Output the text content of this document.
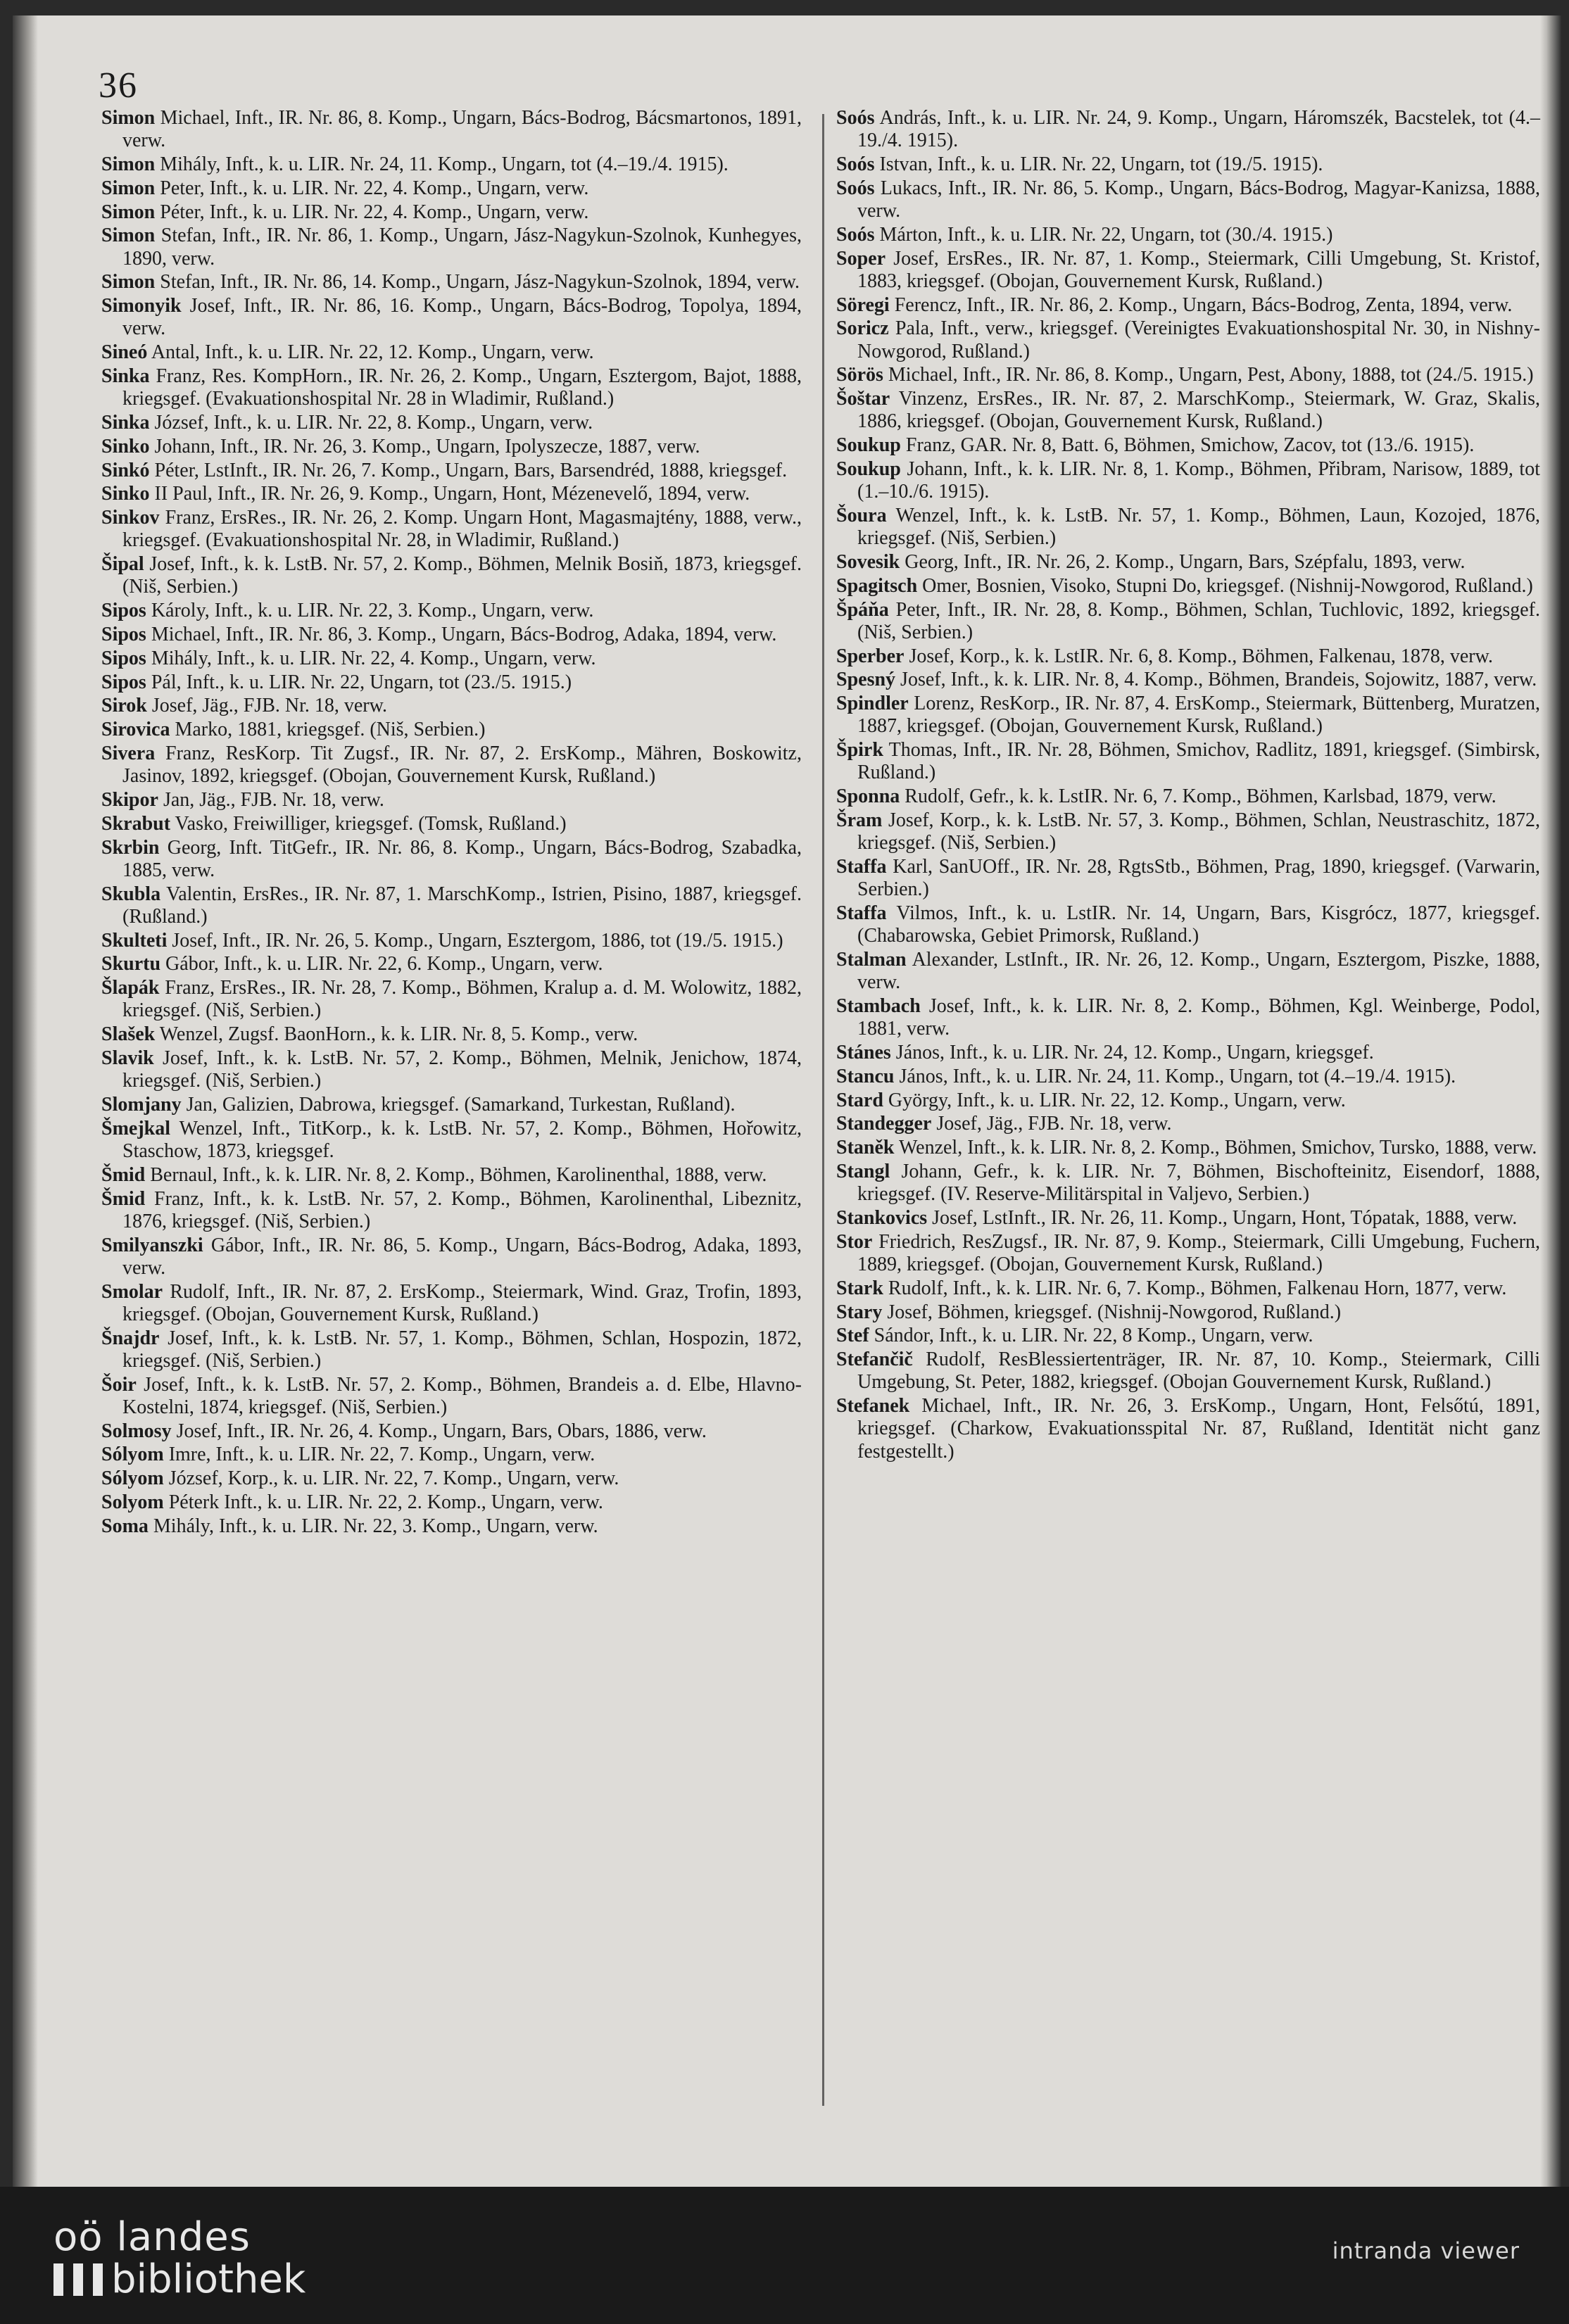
36

Simon Michael, Inft., IR. Nr. 86, 8. Komp., Ungarn, Bács-Bodrog, Bácsmartonos, 1891, verw.

Simon Mihály, Inft., k. u. LIR. Nr. 24, 11. Komp., Ungarn, tot (4.–19./4. 1915).

Simon Peter, Inft., k. u. LIR. Nr. 22, 4. Komp., Ungarn, verw.

Simon Péter, Inft., k. u. LIR. Nr. 22, 4. Komp., Ungarn, verw.

Simon Stefan, Inft., IR. Nr. 86, 1. Komp., Ungarn, Jász-Nagykun-Szolnok, Kunhegyes, 1890, verw.

Simon Stefan, Inft., IR. Nr. 86, 14. Komp., Ungarn, Jász-Nagykun-Szolnok, 1894, verw.

Simonyik Josef, Inft., IR. Nr. 86, 16. Komp., Ungarn, Bács-Bodrog, Topolya, 1894, verw.

Sineó Antal, Inft., k. u. LIR. Nr. 22, 12. Komp., Ungarn, verw.

Sinka Franz, Res. KompHorn., IR. Nr. 26, 2. Komp., Ungarn, Esztergom, Bajot, 1888, kriegsgef. (Evakuationshospital Nr. 28 in Wladimir, Rußland.)

Sinka József, Inft., k. u. LIR. Nr. 22, 8. Komp., Ungarn, verw.

Sinko Johann, Inft., IR. Nr. 26, 3. Komp., Ungarn, Ipolyszecze, 1887, verw.

Sinkó Péter, LstInft., IR. Nr. 26, 7. Komp., Ungarn, Bars, Barsendréd, 1888, kriegsgef.

Sinko II Paul, Inft., IR. Nr. 26, 9. Komp., Ungarn, Hont, Mézenevelő, 1894, verw.

Sinkov Franz, ErsRes., IR. Nr. 26, 2. Komp. Ungarn Hont, Magasmajtény, 1888, verw., kriegsgef. (Evakuationshospital Nr. 28, in Wladimir, Rußland.)

Šipal Josef, Inft., k. k. LstB. Nr. 57, 2. Komp., Böhmen, Melnik Bosiň, 1873, kriegsgef. (Niš, Serbien.)

Sipos Károly, Inft., k. u. LIR. Nr. 22, 3. Komp., Ungarn, verw.

Sipos Michael, Inft., IR. Nr. 86, 3. Komp., Ungarn, Bács-Bodrog, Adaka, 1894, verw.

Sipos Mihály, Inft., k. u. LIR. Nr. 22, 4. Komp., Ungarn, verw.

Sipos Pál, Inft., k. u. LIR. Nr. 22, Ungarn, tot (23./5. 1915.)

Sirok Josef, Jäg., FJB. Nr. 18, verw.

Sirovica Marko, 1881, kriegsgef. (Niš, Serbien.)

Sivera Franz, ResKorp. Tit Zugsf., IR. Nr. 87, 2. ErsKomp., Mähren, Boskowitz, Jasinov, 1892, kriegsgef. (Obojan, Gouvernement Kursk, Rußland.)

Skipor Jan, Jäg., FJB. Nr. 18, verw.

Skrabut Vasko, Freiwilliger, kriegsgef. (Tomsk, Rußland.)

Skrbin Georg, Inft. TitGefr., IR. Nr. 86, 8. Komp., Ungarn, Bács-Bodrog, Szabadka, 1885, verw.

Skubla Valentin, ErsRes., IR. Nr. 87, 1. MarschKomp., Istrien, Pisino, 1887, kriegsgef. (Rußland.)

Skulteti Josef, Inft., IR. Nr. 26, 5. Komp., Ungarn, Esztergom, 1886, tot (19./5. 1915.)

Skurtu Gábor, Inft., k. u. LIR. Nr. 22, 6. Komp., Ungarn, verw.

Šlapák Franz, ErsRes., IR. Nr. 28, 7. Komp., Böhmen, Kralup a. d. M. Wolowitz, 1882, kriegsgef. (Niš, Serbien.)

Slašek Wenzel, Zugsf. BaonHorn., k. k. LIR. Nr. 8, 5. Komp., verw.

Slavik Josef, Inft., k. k. LstB. Nr. 57, 2. Komp., Böhmen, Melnik, Jenichow, 1874, kriegsgef. (Niš, Serbien.)

Slomjany Jan, Galizien, Dabrowa, kriegsgef. (Samarkand, Turkestan, Rußland).

Šmejkal Wenzel, Inft., TitKorp., k. k. LstB. Nr. 57, 2. Komp., Böhmen, Hořowitz, Staschow, 1873, kriegsgef.

Šmid Bernaul, Inft., k. k. LIR. Nr. 8, 2. Komp., Böhmen, Karolinenthal, 1888, verw.

Šmid Franz, Inft., k. k. LstB. Nr. 57, 2. Komp., Böhmen, Karolinenthal, Libeznitz, 1876, kriegsgef. (Niš, Serbien.)

Smilyanszki Gábor, Inft., IR. Nr. 86, 5. Komp., Ungarn, Bács-Bodrog, Adaka, 1893, verw.

Smolar Rudolf, Inft., IR. Nr. 87, 2. ErsKomp., Steiermark, Wind. Graz, Trofin, 1893, kriegsgef. (Obojan, Gouvernement Kursk, Rußland.)

Šnajdr Josef, Inft., k. k. LstB. Nr. 57, 1. Komp., Böhmen, Schlan, Hospozin, 1872, kriegsgef. (Niš, Serbien.)

Šoir Josef, Inft., k. k. LstB. Nr. 57, 2. Komp., Böhmen, Brandeis a. d. Elbe, Hlavno-Kostelni, 1874, kriegsgef. (Niš, Serbien.)

Solmosy Josef, Inft., IR. Nr. 26, 4. Komp., Ungarn, Bars, Obars, 1886, verw.

Sólyom Imre, Inft., k. u. LIR. Nr. 22, 7. Komp., Ungarn, verw.

Sólyom József, Korp., k. u. LIR. Nr. 22, 7. Komp., Ungarn, verw.

Solyom Péterk Inft., k. u. LIR. Nr. 22, 2. Komp., Ungarn, verw.

Soma Mihály, Inft., k. u. LIR. Nr. 22, 3. Komp., Ungarn, verw.

Soós András, Inft., k. u. LIR. Nr. 24, 9. Komp., Ungarn, Háromszék, Bacstelek, tot (4.–19./4. 1915).

Soós Istvan, Inft., k. u. LIR. Nr. 22, Ungarn, tot (19./5. 1915).

Soós Lukacs, Inft., IR. Nr. 86, 5. Komp., Ungarn, Bács-Bodrog, Magyar-Kanizsa, 1888, verw.

Soós Márton, Inft., k. u. LIR. Nr. 22, Ungarn, tot (30./4. 1915.)

Soper Josef, ErsRes., IR. Nr. 87, 1. Komp., Steiermark, Cilli Umgebung, St. Kristof, 1883, kriegsgef. (Obojan, Gouvernement Kursk, Rußland.)

Söregi Ferencz, Inft., IR. Nr. 86, 2. Komp., Ungarn, Bács-Bodrog, Zenta, 1894, verw.

Soricz Pala, Inft., verw., kriegsgef. (Vereinigtes Evakuationshospital Nr. 30, in Nishny-Nowgorod, Rußland.)

Sörös Michael, Inft., IR. Nr. 86, 8. Komp., Ungarn, Pest, Abony, 1888, tot (24./5. 1915.)

Šoštar Vinzenz, ErsRes., IR. Nr. 87, 2. MarschKomp., Steiermark, W. Graz, Skalis, 1886, kriegsgef. (Obojan, Gouvernement Kursk, Rußland.)

Soukup Franz, GAR. Nr. 8, Batt. 6, Böhmen, Smichow, Zacov, tot (13./6. 1915).

Soukup Johann, Inft., k. k. LIR. Nr. 8, 1. Komp., Böhmen, Přibram, Narisow, 1889, tot (1.–10./6. 1915).

Šoura Wenzel, Inft., k. k. LstB. Nr. 57, 1. Komp., Böhmen, Laun, Kozojed, 1876, kriegsgef. (Niš, Serbien.)

Sovesik Georg, Inft., IR. Nr. 26, 2. Komp., Ungarn, Bars, Szépfalu, 1893, verw.

Spagitsch Omer, Bosnien, Visoko, Stupni Do, kriegsgef. (Nishnij-Nowgorod, Rußland.)

Špáňa Peter, Inft., IR. Nr. 28, 8. Komp., Böhmen, Schlan, Tuchlovic, 1892, kriegsgef. (Niš, Serbien.)

Sperber Josef, Korp., k. k. LstIR. Nr. 6, 8. Komp., Böhmen, Falkenau, 1878, verw.

Spesný Josef, Inft., k. k. LIR. Nr. 8, 4. Komp., Böhmen, Brandeis, Sojowitz, 1887, verw.

Spindler Lorenz, ResKorp., IR. Nr. 87, 4. ErsKomp., Steiermark, Büttenberg, Muratzen, 1887, kriegsgef. (Obojan, Gouvernement Kursk, Rußland.)

Špirk Thomas, Inft., IR. Nr. 28, Böhmen, Smichov, Radlitz, 1891, kriegsgef. (Simbirsk, Rußland.)

Sponna Rudolf, Gefr., k. k. LstIR. Nr. 6, 7. Komp., Böhmen, Karlsbad, 1879, verw.

Šram Josef, Korp., k. k. LstB. Nr. 57, 3. Komp., Böhmen, Schlan, Neustraschitz, 1872, kriegsgef. (Niš, Serbien.)

Staffa Karl, SanUOff., IR. Nr. 28, RgtsStb., Böhmen, Prag, 1890, kriegsgef. (Varwarin, Serbien.)

Staffa Vilmos, Inft., k. u. LstIR. Nr. 14, Ungarn, Bars, Kisgrócz, 1877, kriegsgef. (Chabarowska, Gebiet Primorsk, Rußland.)

Stalman Alexander, LstInft., IR. Nr. 26, 12. Komp., Ungarn, Esztergom, Piszke, 1888, verw.

Stambach Josef, Inft., k. k. LIR. Nr. 8, 2. Komp., Böhmen, Kgl. Weinberge, Podol, 1881, verw.

Stánes János, Inft., k. u. LIR. Nr. 24, 12. Komp., Ungarn, kriegsgef.

Stancu János, Inft., k. u. LIR. Nr. 24, 11. Komp., Ungarn, tot (4.–19./4. 1915).

Stard György, Inft., k. u. LIR. Nr. 22, 12. Komp., Ungarn, verw.

Standegger Josef, Jäg., FJB. Nr. 18, verw.

Staněk Wenzel, Inft., k. k. LIR. Nr. 8, 2. Komp., Böhmen, Smichov, Tursko, 1888, verw.

Stangl Johann, Gefr., k. k. LIR. Nr. 7, Böhmen, Bischofteinitz, Eisendorf, 1888, kriegsgef. (IV. Reserve-Militärspital in Valjevo, Serbien.)

Stankovics Josef, LstInft., IR. Nr. 26, 11. Komp., Ungarn, Hont, Tópatak, 1888, verw.

Stor Friedrich, ResZugsf., IR. Nr. 87, 9. Komp., Steiermark, Cilli Umgebung, Fuchern, 1889, kriegsgef. (Obojan, Gouvernement Kursk, Rußland.)

Stark Rudolf, Inft., k. k. LIR. Nr. 6, 7. Komp., Böhmen, Falkenau Horn, 1877, verw.

Stary Josef, Böhmen, kriegsgef. (Nishnij-Nowgorod, Rußland.)

Stef Sándor, Inft., k. u. LIR. Nr. 22, 8 Komp., Ungarn, verw.

Stefančič Rudolf, ResBlessiertenträger, IR. Nr. 87, 10. Komp., Steiermark, Cilli Umgebung, St. Peter, 1882, kriegsgef. (Obojan Gouvernement Kursk, Rußland.)

Stefanek Michael, Inft., IR. Nr. 26, 3. ErsKomp., Ungarn, Hont, Felsőtú, 1891, kriegsgef. (Charkow, Evakuationsspital Nr. 87, Rußland, Identität nicht ganz festgestellt.)

oö landes
bibliothek
intranda viewer
